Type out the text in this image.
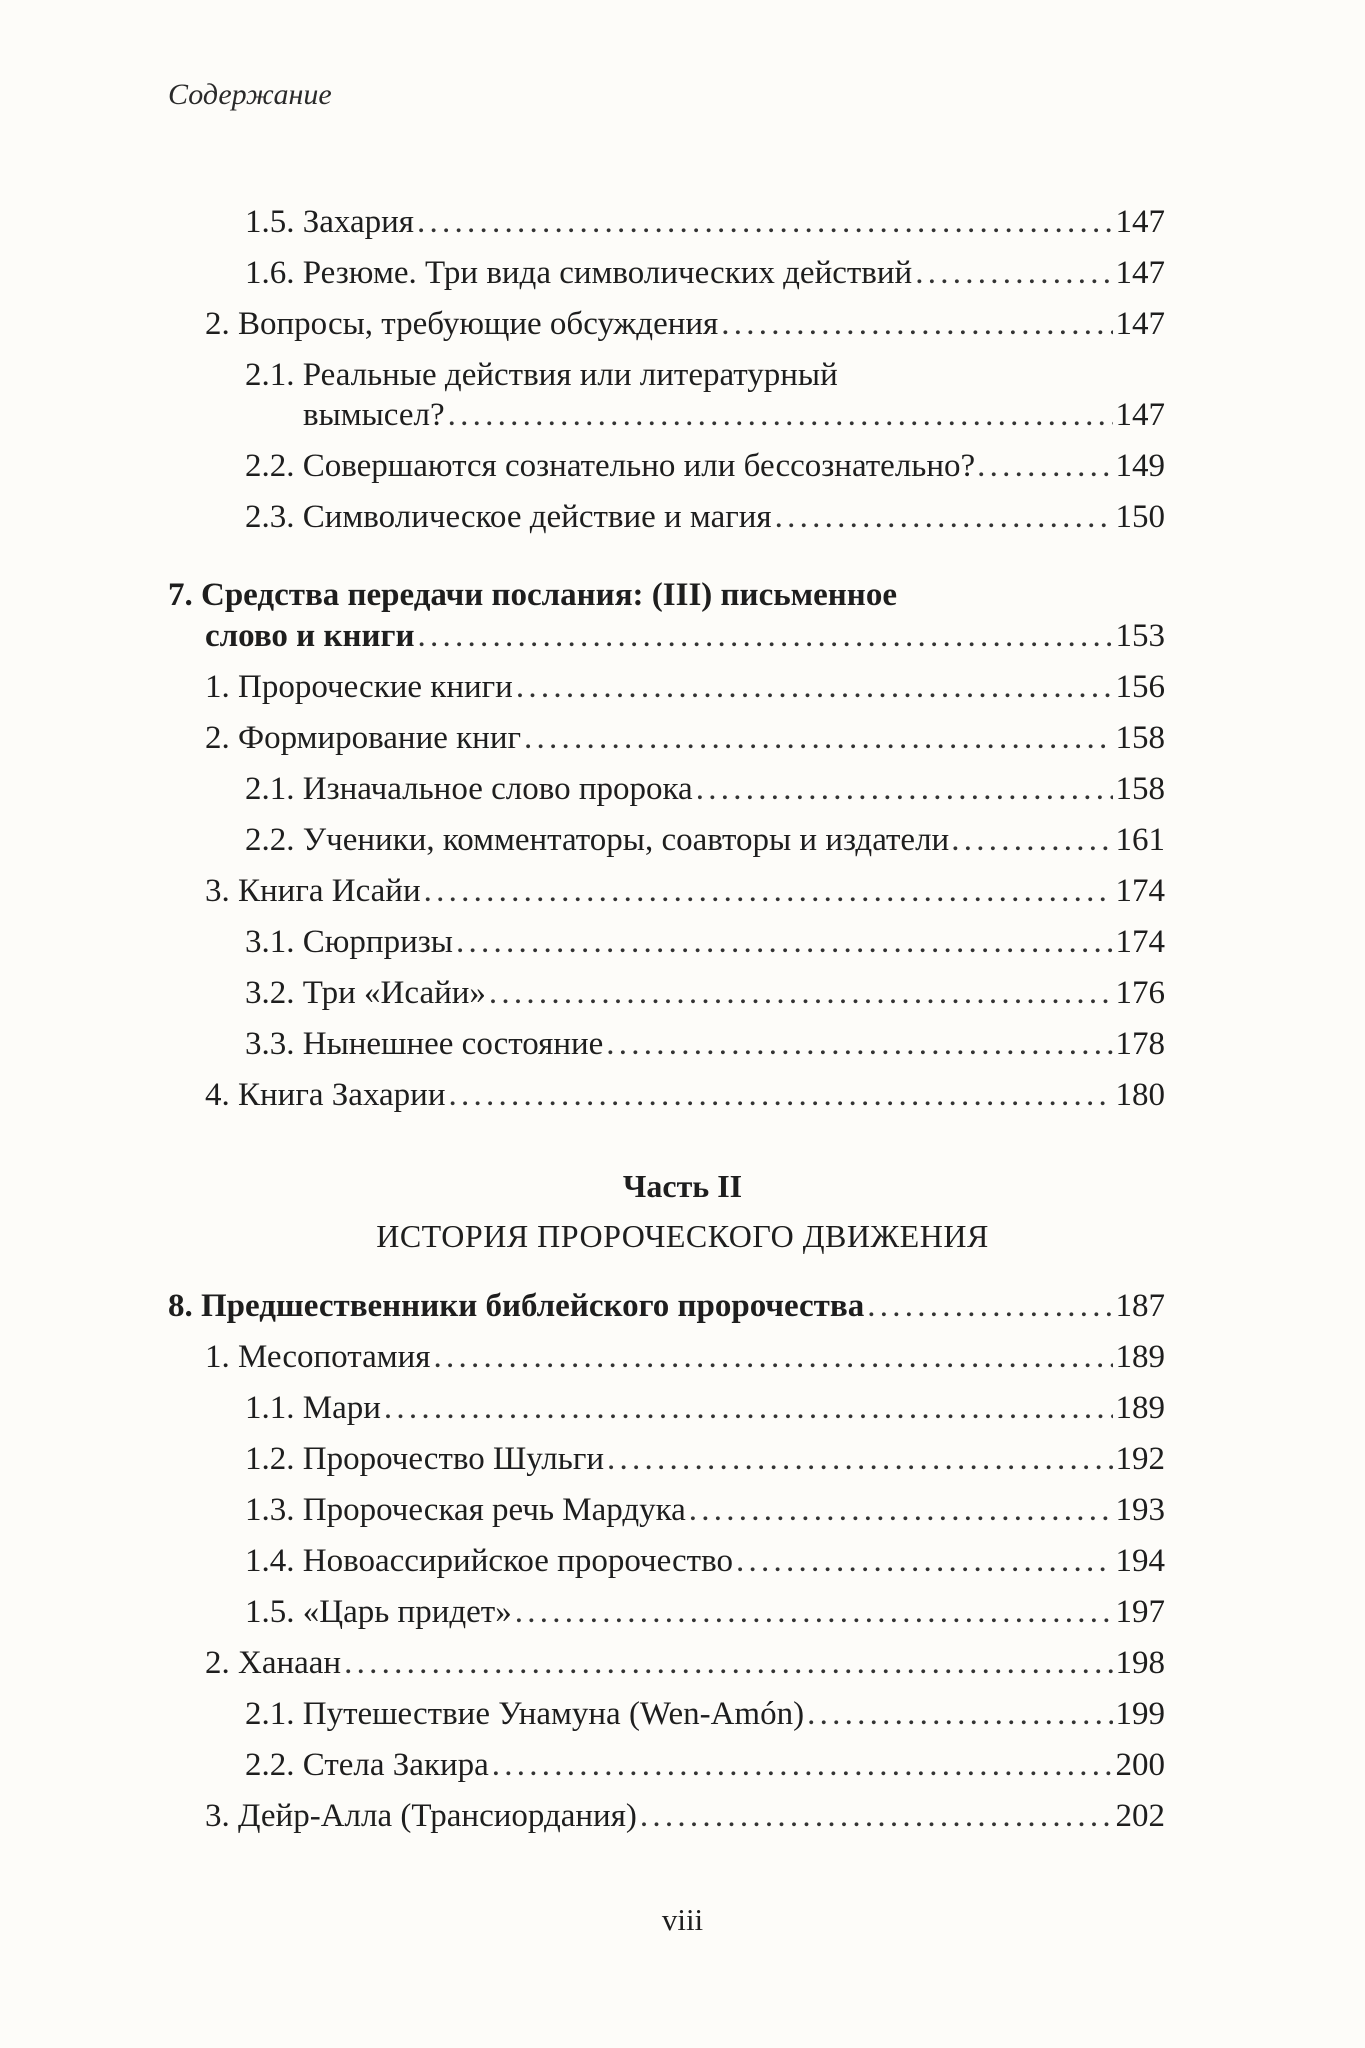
Содержание
1.5. Захария . . .	147
1.6. Резюме. Три вида символических действий . . .	147
2. Вопросы, требующие обсуждения . . .	147
2.1. Реальные действия или литературный
вымысел? . . .	147
2.2. Совершаются сознательно или бессознательно? . . .	149
2.3. Символическое действие и магия . . .	150
7. Средства передачи послания: (III) письменное
слово и книги . . .	153
1. Пророческие книги . . .	156
2. Формирование книг . . .	158
2.1. Изначальное слово пророка . . .	158
2.2. Ученики, комментаторы, соавторы и издатели . . .	161
3. Книга Исайи . . .	174
3.1. Сюрпризы . . .	174
3.2. Три «Исайи» . . .	176
3.3. Нынешнее состояние . . .	178
4. Книга Захарии . . .	180
Часть II
ИСТОРИЯ ПРОРОЧЕСКОГО ДВИЖЕНИЯ
8. Предшественники библейского пророчества . . .	187
1. Месопотамия . . .	189
1.1. Мари . . .	189
1.2. Пророчество Шульги . . .	192
1.3. Пророческая речь Мардука . . .	193
1.4. Новоассирийское пророчество . . .	194
1.5. «Царь придет» . . .	197
2. Ханаан . . .	198
2.1. Путешествие Унамуна (Wen-Amón) . . .	199
2.2. Стела Закира . . .	200
3. Дейр-Алла (Трансиордания) . . .	202
viii
